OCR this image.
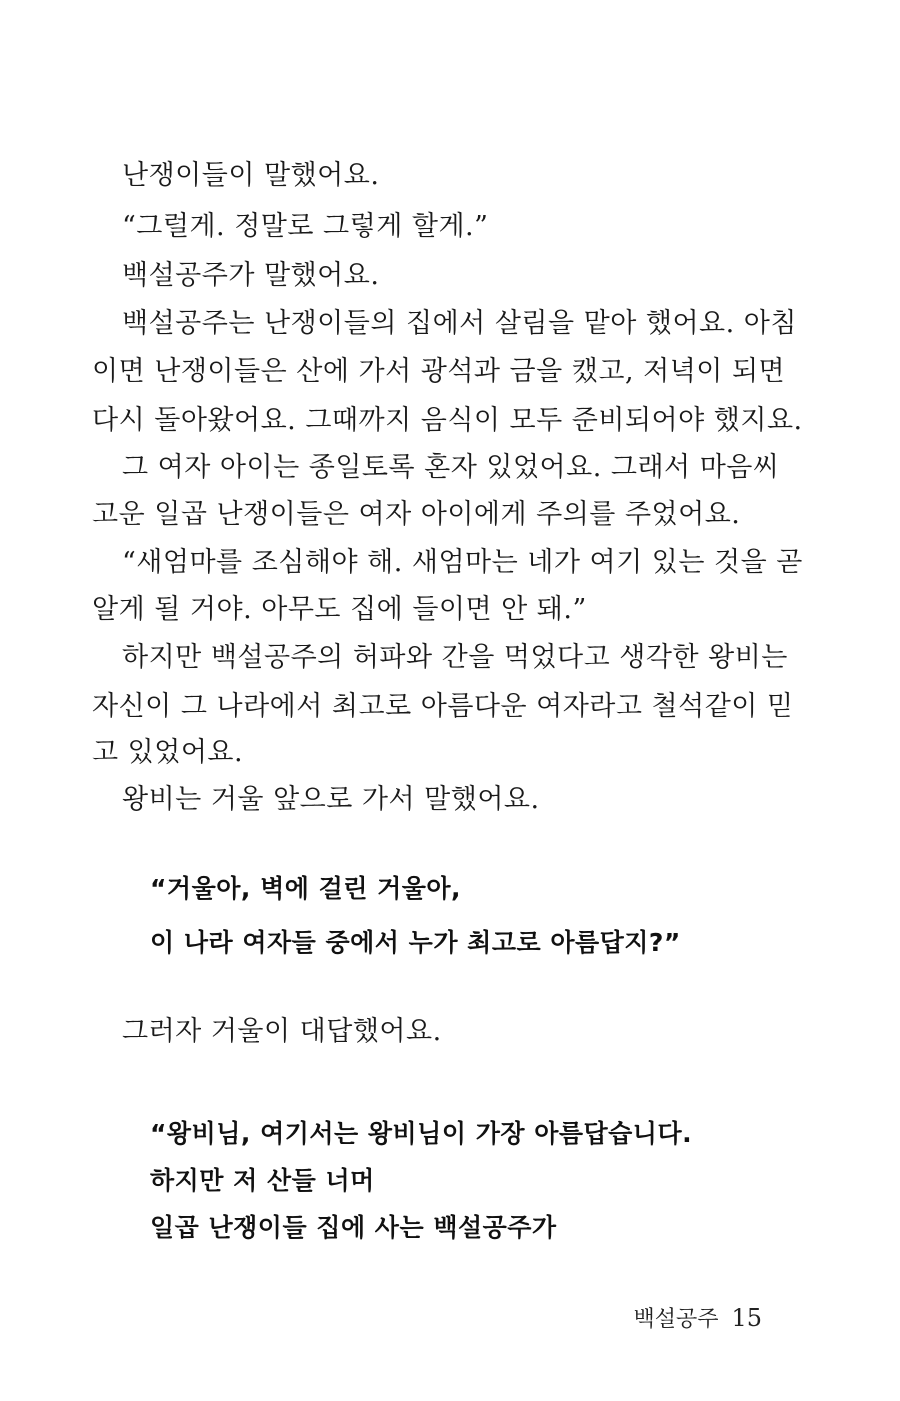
난쟁이들이 말했어요.
“그럴게. 정말로 그렇게 할게.”
백설공주가 말했어요.
백설공주는 난쟁이들의 집에서 살림을 맡아 했어요. 아침
이면 난쟁이들은 산에 가서 광석과 금을 캤고, 저녁이 되면
다시 돌아왔어요. 그때까지 음식이 모두 준비되어야 했지요.
그 여자 아이는 종일토록 혼자 있었어요. 그래서 마음씨
고운 일곱 난쟁이들은 여자 아이에게 주의를 주었어요.
“새엄마를 조심해야 해. 새엄마는 네가 여기 있는 것을 곧
알게 될 거야. 아무도 집에 들이면 안 돼.”
하지만 백설공주의 허파와 간을 먹었다고 생각한 왕비는
자신이 그 나라에서 최고로 아름다운 여자라고 철석같이 믿
고 있었어요.
왕비는 거울 앞으로 가서 말했어요.
“거울아, 벽에 걸린 거울아,
이 나라 여자들 중에서 누가 최고로 아름답지?”
그러자 거울이 대답했어요.
“왕비님, 여기서는 왕비님이 가장 아름답습니다.
하지만 저 산들 너머
일곱 난쟁이들 집에 사는 백설공주가
백설공주 15
